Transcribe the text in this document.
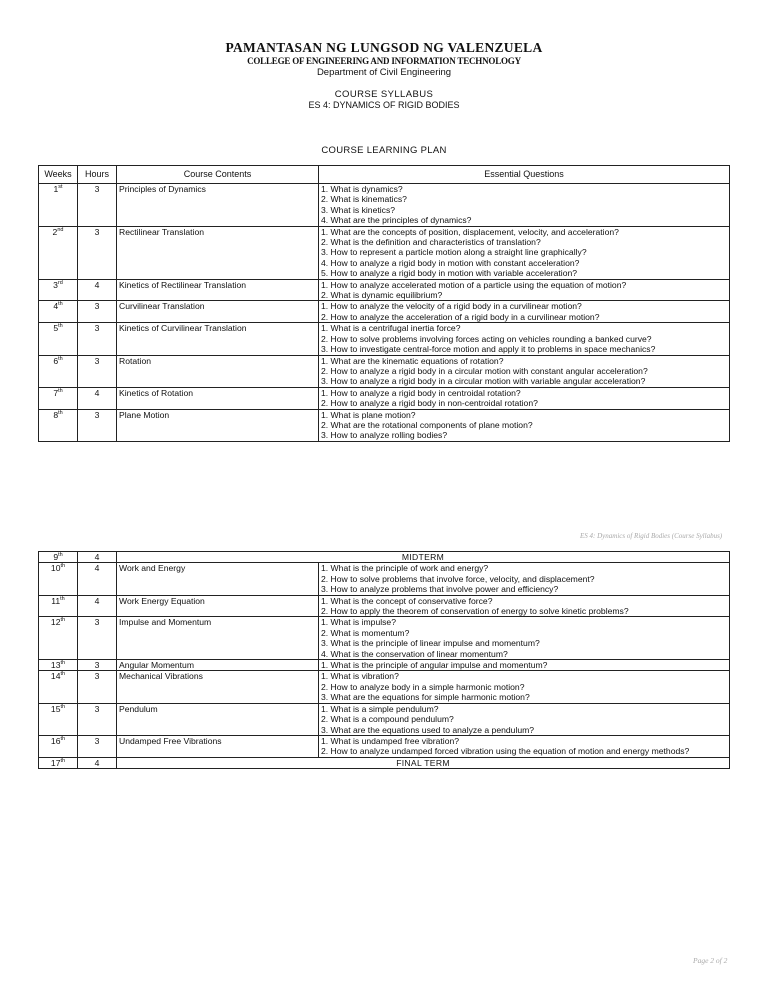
PAMANTASAN NG LUNGSOD NG VALENZUELA
COLLEGE OF ENGINEERING AND INFORMATION TECHNOLOGY
Department of Civil Engineering
COURSE SYLLABUS
ES 4: DYNAMICS OF RIGID BODIES
COURSE LEARNING PLAN
Weeks	Hours	Course Contents	Essential Questions
1st	3	Principles of Dynamics	1. What is dynamics?
2. What is kinematics?
3. What is kinetics?
4. What are the principles of dynamics?

2nd	3	Rectilinear Translation	1. What are the concepts of position, displacement, velocity, and acceleration?
2. What is the definition and characteristics of translation?
3. How to represent a particle motion along a straight line graphically?
4. How to analyze a rigid body in motion with constant acceleration?
5. How to analyze a rigid body in motion with variable acceleration?

3rd	4	Kinetics of Rectilinear Translation	1. How to analyze accelerated motion of a particle using the equation of motion?
2. What is dynamic equilibrium?

4th	3	Curvilinear Translation	1. How to analyze the velocity of a rigid body in a curvilinear motion?
2. How to analyze the acceleration of a rigid body in a curvilinear motion?

5th	3	Kinetics of Curvilinear Translation	1. What is a centrifugal inertia force?
2. How to solve problems involving forces acting on vehicles rounding a banked curve?
3. How to investigate central-force motion and apply it to problems in space mechanics?

6th	3	Rotation	1. What are the kinematic equations of rotation?
2. How to analyze a rigid body in a circular motion with constant angular acceleration?
3. How to analyze a rigid body in a circular motion with variable angular acceleration?

7th	4	Kinetics of Rotation	1. How to analyze a rigid body in centroidal rotation?
2. How to analyze a rigid body in non-centroidal rotation?

8th	3	Plane Motion	1. What is plane motion?
2. What are the rotational components of plane motion?
3. How to analyze rolling bodies?
ES 4: Dynamics of Rigid Bodies (Course Syllabus)
9th	4	MIDTERM	
10th	4	Work and Energy	1. What is the principle of work and energy?
2. How to solve problems that involve force, velocity, and displacement?
3. How to analyze problems that involve power and efficiency?

11th	4	Work Energy Equation	1. What is the concept of conservative force?
2. How to apply the theorem of conservation of energy to solve kinetic problems?

12th	3	Impulse and Momentum	1. What is impulse?
2. What is momentum?
3. What is the principle of linear impulse and momentum?
4. What is the conservation of linear momentum?

13th	3	Angular Momentum	1. What is the principle of angular impulse and momentum?

14th	3	Mechanical Vibrations	1. What is vibration?
2. How to analyze body in a simple harmonic motion?
3. What are the equations for simple harmonic motion?

15th	3	Pendulum	1. What is a simple pendulum?
2. What is a compound pendulum?
3. What are the equations used to analyze a pendulum?

16th	3	Undamped Free Vibrations	1. What is undamped free vibration?
2. How to analyze undamped forced vibration using the equation of motion and energy methods?

17th	4	FINAL TERM	
Page 2 of 2
